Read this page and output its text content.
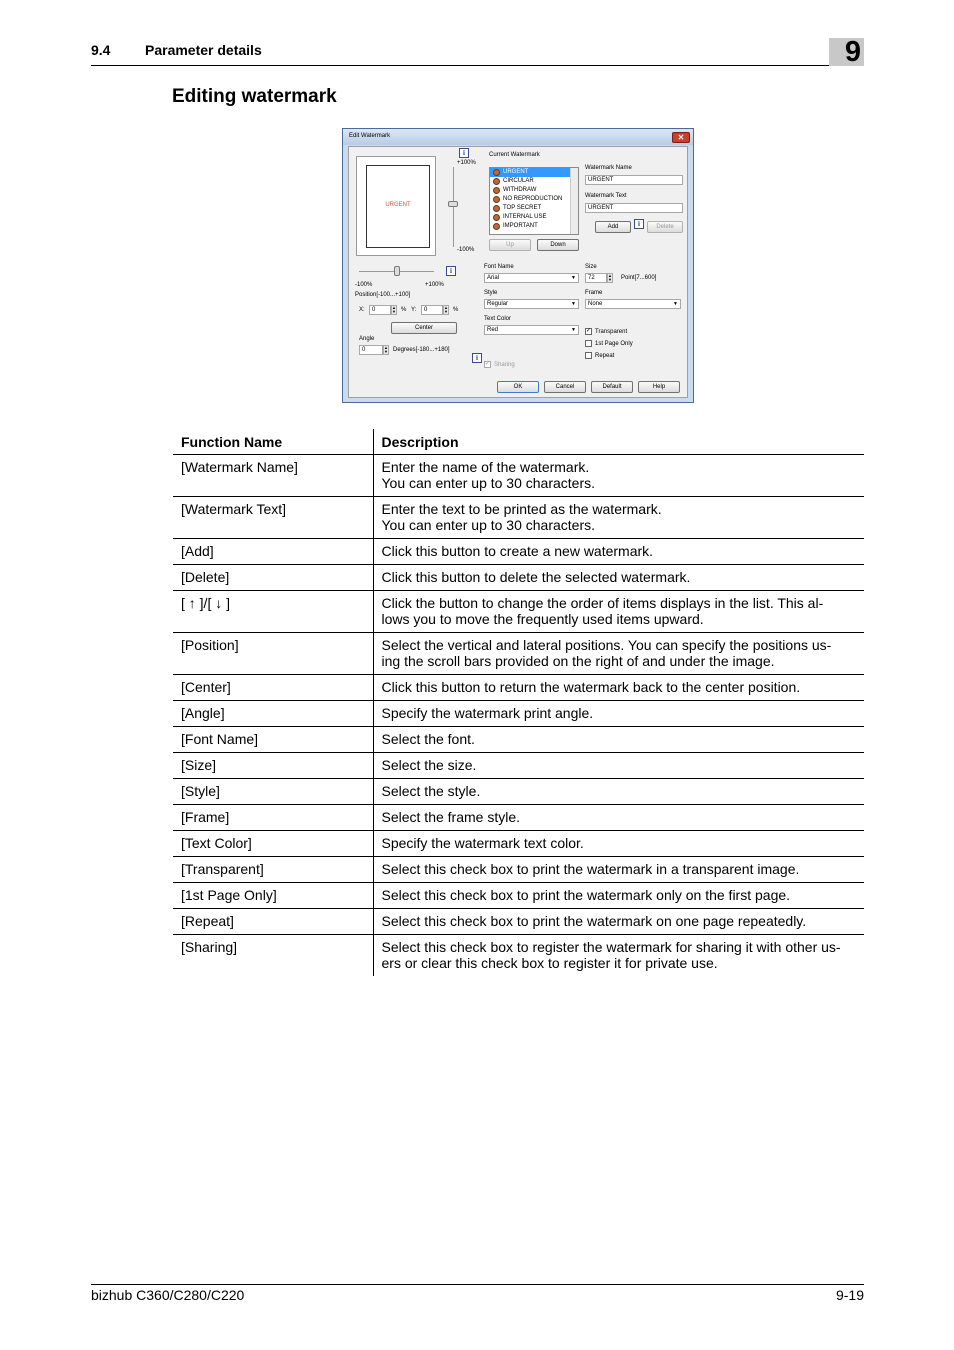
9.4 Parameter details	9
Editing watermark
Edit Watermark	✕
URGENT
i
+100%
-100%
i
-100%	+100%
Position[-100...+100]
X:	0	▲
▼ % Y:	0	▲
▼ %
Center
Angle
0	▲
▼ Degrees[-180...+180]
Current Watermark
URGENT
CIRCULAR
WITHDRAW
NO REPRODUCTION
TOP SECRET
INTERNAL USE
IMPORTANT
Up	Down
Watermark Name
URGENT
Watermark Text
URGENT
Add	i	Delete
Font Name
Arial	▼
Size
72	▲
▼ Point[7...600]
Style
Regular	▼
Frame
None	▼
Text Color
Red	▼ ✓ Transparent
1st Page Only
Repeat
i
✓ Sharing
OK	Cancel	Default	Help
Function Name	Description
[Watermark Name]	Enter the name of the watermark.
You can enter up to 30 characters.

[Watermark Text]	Enter the text to be printed as the watermark.
You can enter up to 30 characters.

[Add]	Click this button to create a new watermark.

[Delete]	Click this button to delete the selected watermark.

[ ↑ ]/[ ↓ ]	Click the button to change the order of items displays in the list. This al-
lows you to move the frequently used items upward.

[Position]	Select the vertical and lateral positions. You can specify the positions us-
ing the scroll bars provided on the right of and under the image.

[Center]	Click this button to return the watermark back to the center position.

[Angle]	Specify the watermark print angle.

[Font Name]	Select the font.

[Size]	Select the size.

[Style]	Select the style.

[Frame]	Select the frame style.

[Text Color]	Specify the watermark text color.

[Transparent]	Select this check box to print the watermark in a transparent image.

[1st Page Only]	Select this check box to print the watermark only on the first page.

[Repeat]	Select this check box to print the watermark on one page repeatedly.

[Sharing]	Select this check box to register the watermark for sharing it with other us-
ers or clear this check box to register it for private use.
bizhub C360/C280/C220	9-19
